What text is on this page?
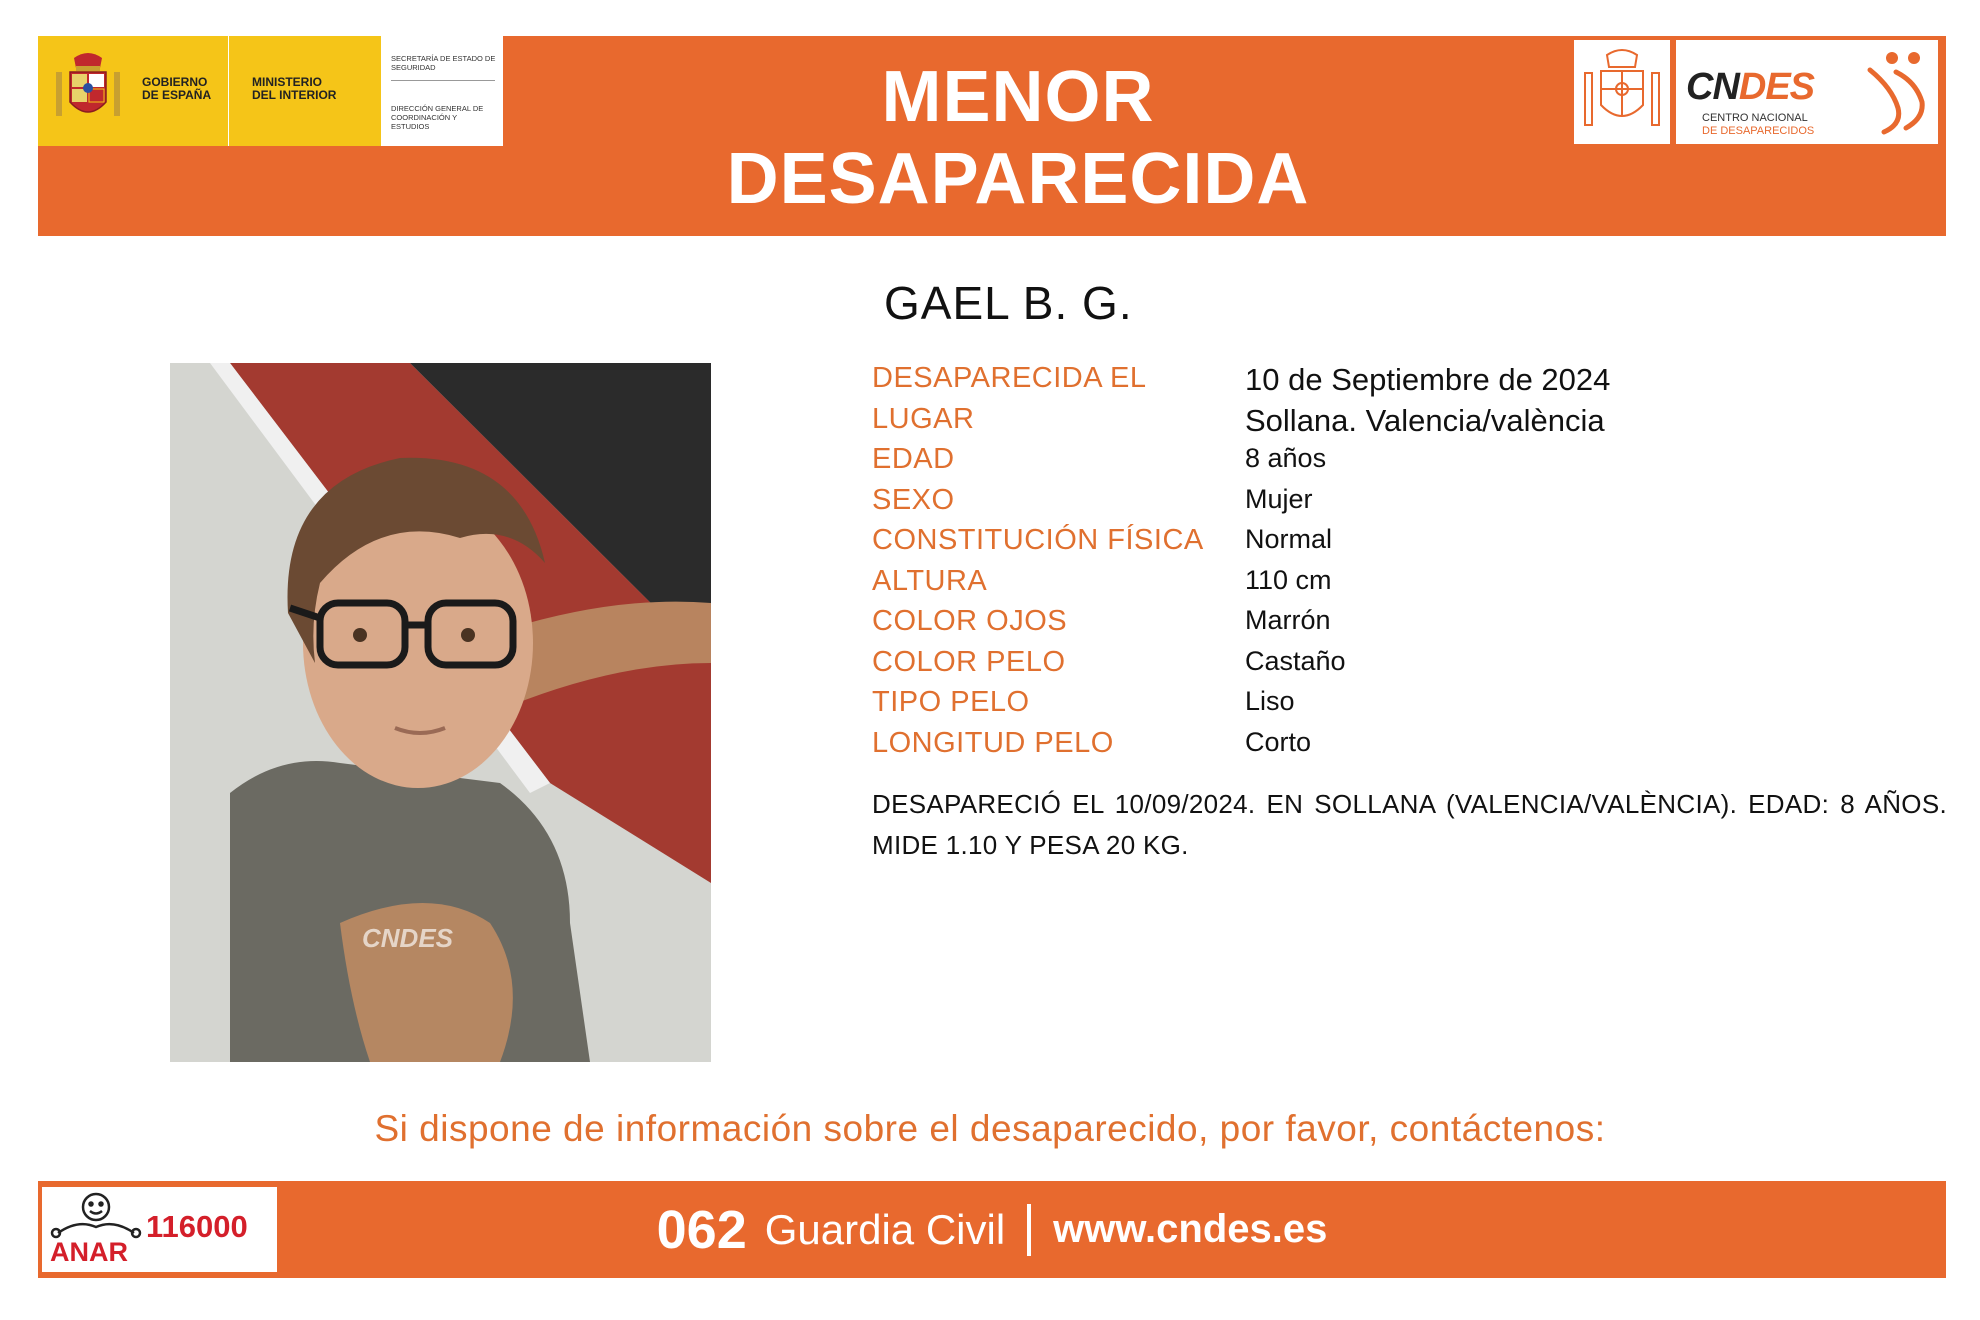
GOBIERNO
DE ESPAÑA
MINISTERIO
DEL INTERIOR
SECRETARÍA DE ESTADO DE SEGURIDAD
DIRECCIÓN GENERAL DE COORDINACIÓN Y ESTUDIOS	MENOR
DESAPARECIDA
CNDES
CENTRO NACIONAL
DE DESAPARECIDOS
GAEL B. G.
CNDES
DESAPARECIDA EL	10 de Septiembre de 2024
LUGAR	Sollana. Valencia/valència
EDAD	8 años
SEXO	Mujer
CONSTITUCIÓN FÍSICA Normal
ALTURA	110 cm
COLOR OJOS	Marrón
COLOR PELO	Castaño
TIPO PELO	Liso
LONGITUD PELO	Corto
DESAPARECIÓ EL 10/09/2024. EN SOLLANA (VALENCIA/VALÈNCIA). EDAD: 8 AÑOS. MIDE 1.10 Y PESA 20 KG.
Si dispone de información sobre el desaparecido, por favor, contáctenos:
116000
ANAR	062 Guardia Civil www.cndes.es
